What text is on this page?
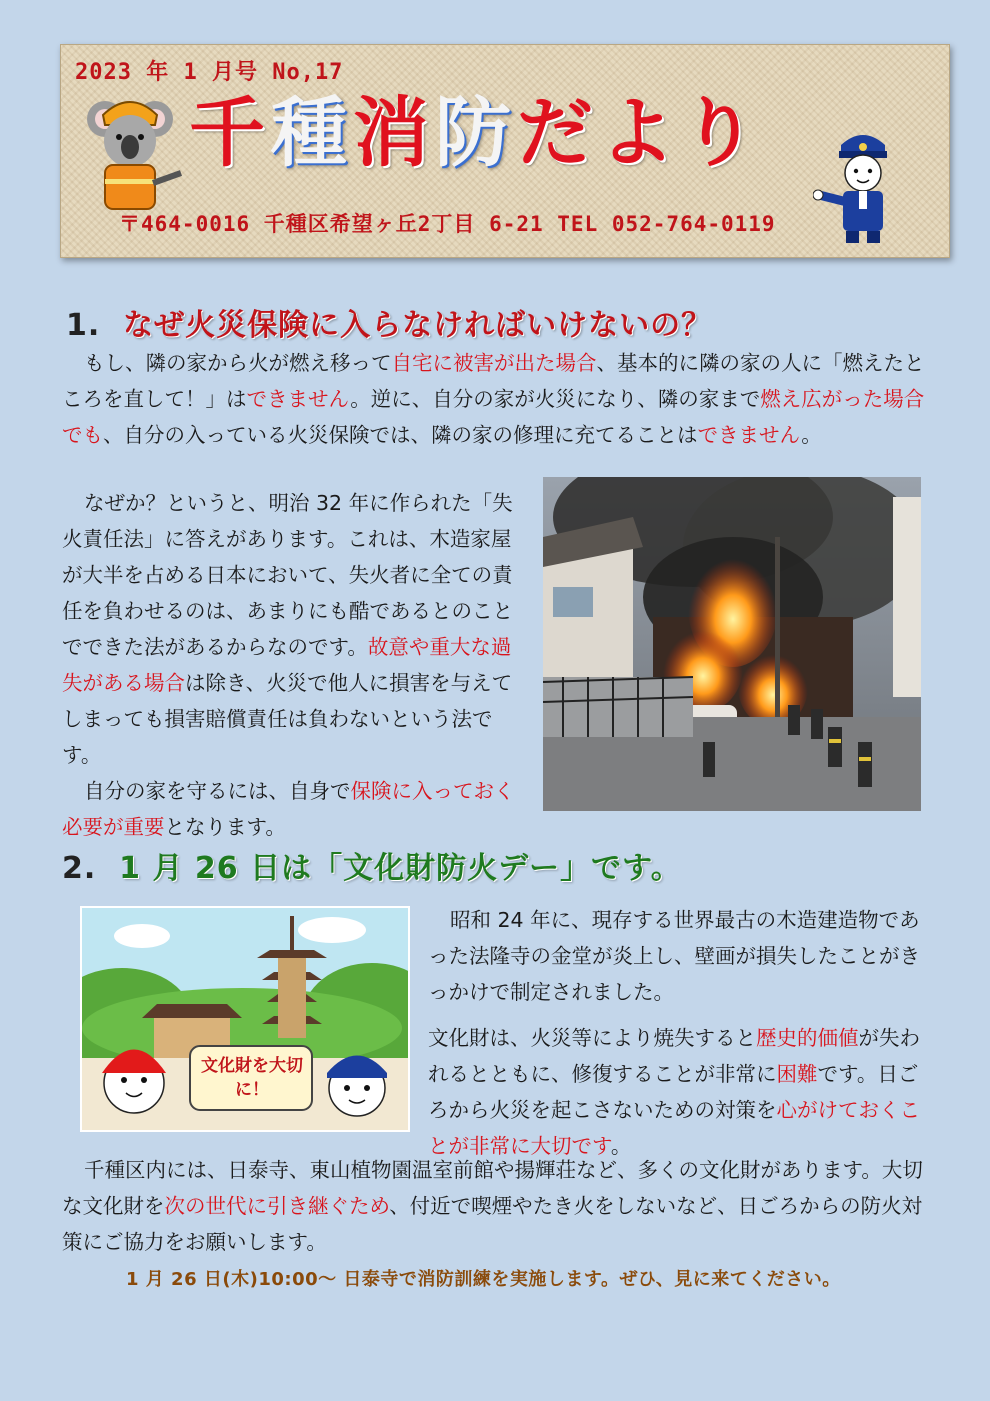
2023 年 1 月号 No,17
千種消防だより
〒464-0016 千種区希望ヶ丘2丁目 6-21 TEL 052-764-0119
1. なぜ火災保険に入らなければいけないの？
もし、隣の家から火が燃え移って自宅に被害が出た場合、基本的に隣の家の人に「燃えたところを直して！」はできません。逆に、自分の家が火災になり、隣の家まで燃え広がった場合でも、自分の入っている火災保険では、隣の家の修理に充てることはできません。
なぜか？というと、明治 32 年に作られた「失火責任法」に答えがあります。これは、木造家屋が大半を占める日本において、失火者に全ての責任を負わせるのは、あまりにも酷であるとのことでできた法があるからなのです。故意や重大な過失がある場合は除き、火災で他人に損害を与えてしまっても損害賠償責任は負わないという法です。
自分の家を守るには、自身で保険に入っておく必要が重要となります。
2. 1 月 26 日は「文化財防火デー」です。
文化財を大切に！
昭和 24 年に、現存する世界最古の木造建造物であった法隆寺の金堂が炎上し、壁画が損失したことがきっかけで制定されました。
文化財は、火災等により焼失すると歴史的価値が失われるとともに、修復することが非常に困難です。日ごろから火災を起こさないための対策を心がけておくことが非常に大切です。
千種区内には、日泰寺、東山植物園温室前館や揚輝荘など、多くの文化財があります。大切な文化財を次の世代に引き継ぐため、付近で喫煙やたき火をしないなど、日ごろからの防火対策にご協力をお願いします。
1 月 26 日(木)10:00～ 日泰寺で消防訓練を実施します。ぜひ、見に来てください。
